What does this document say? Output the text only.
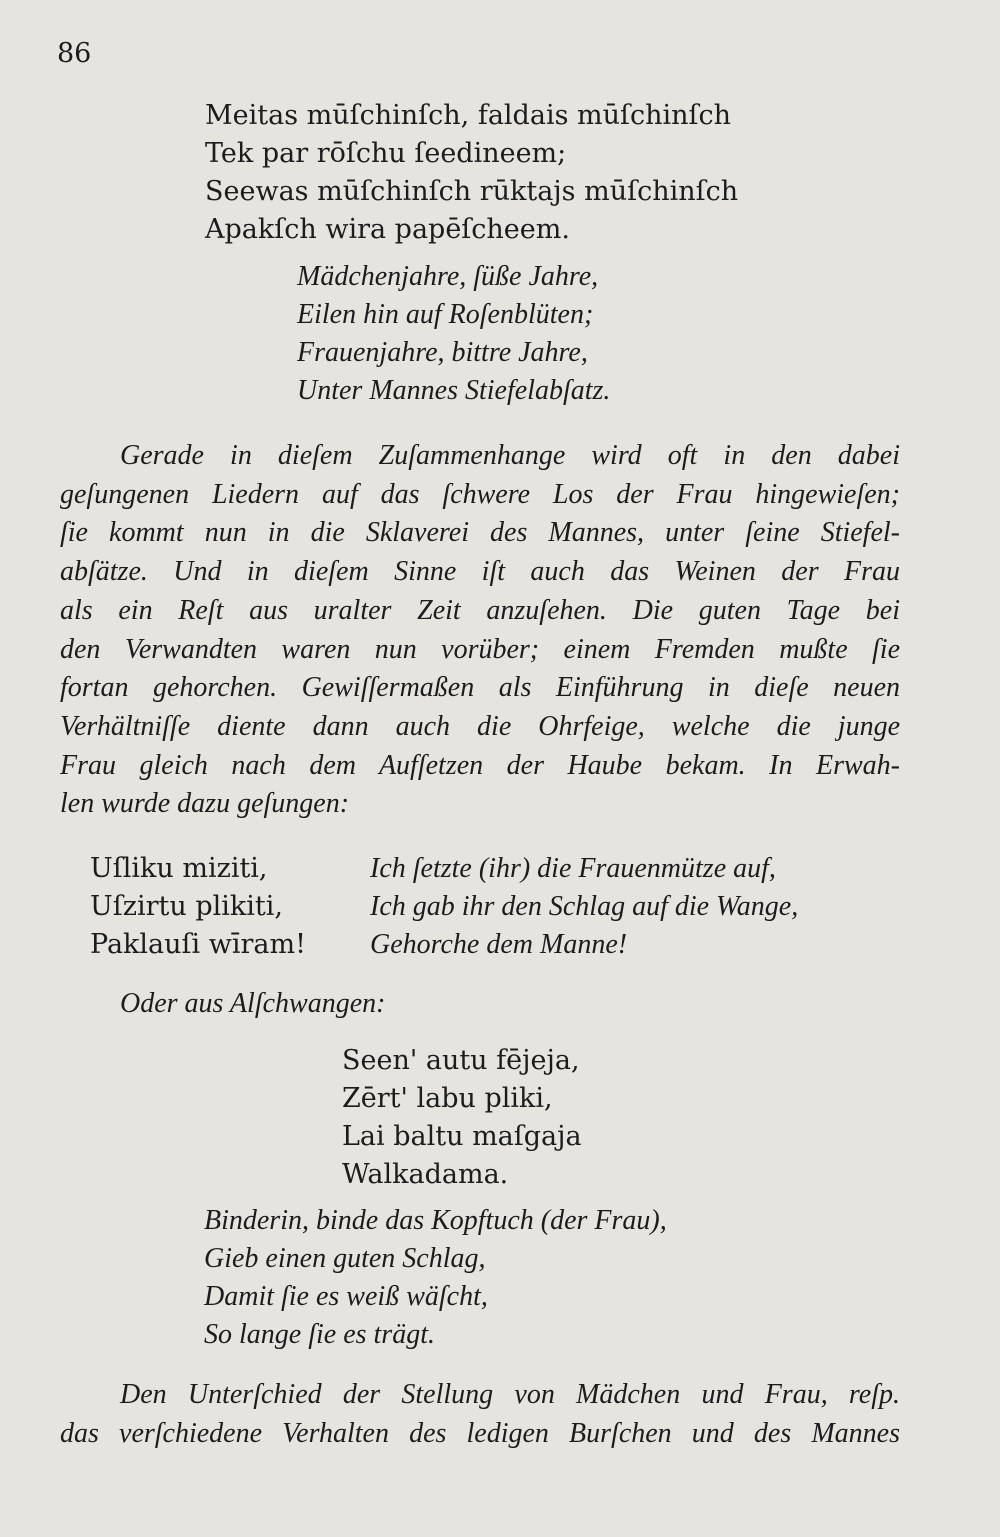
86
Meitas mūſchinſch, faldais mūſchinſch
Tek par rōſchu ſeedineem;
Seewas mūſchinſch rūktajs mūſchinſch
Apakſch wira papēſcheem.
Mädchenjahre, ſüße Jahre,
Eilen hin auf Roſenblüten;
Frauenjahre, bittre Jahre,
Unter Mannes Stiefelabſatz.
Gerade in dieſem Zuſammenhange wird oft in den dabei
geſungenen Liedern auf das ſchwere Los der Frau hingewieſen;
ſie kommt nun in die Sklaverei des Mannes, unter ſeine Stiefel-
abſätze. Und in dieſem Sinne iſt auch das Weinen der Frau
als ein Reſt aus uralter Zeit anzuſehen. Die guten Tage bei
den Verwandten waren nun vorüber; einem Fremden mußte ſie
fortan gehorchen. Gewiſſermaßen als Einführung in dieſe neuen
Verhältniſſe diente dann auch die Ohrfeige, welche die junge
Frau gleich nach dem Aufſetzen der Haube bekam. In Erwah-
len wurde dazu geſungen:
Uſliku miziti,
Uſzirtu plikiti,
Paklauſi wīram!
Ich ſetzte (ihr) die Frauenmütze auf,
Ich gab ihr den Schlag auf die Wange,
Gehorche dem Manne!
Oder aus Alſchwangen:
Seen' autu fējeja,
Zērt' labu pliki,
Lai baltu maſgaja
Walkadama.
Binderin, binde das Kopftuch (der Frau),
Gieb einen guten Schlag,
Damit ſie es weiß wäſcht,
So lange ſie es trägt.
Den Unterſchied der Stellung von Mädchen und Frau, reſp.
das verſchiedene Verhalten des ledigen Burſchen und des Mannes
